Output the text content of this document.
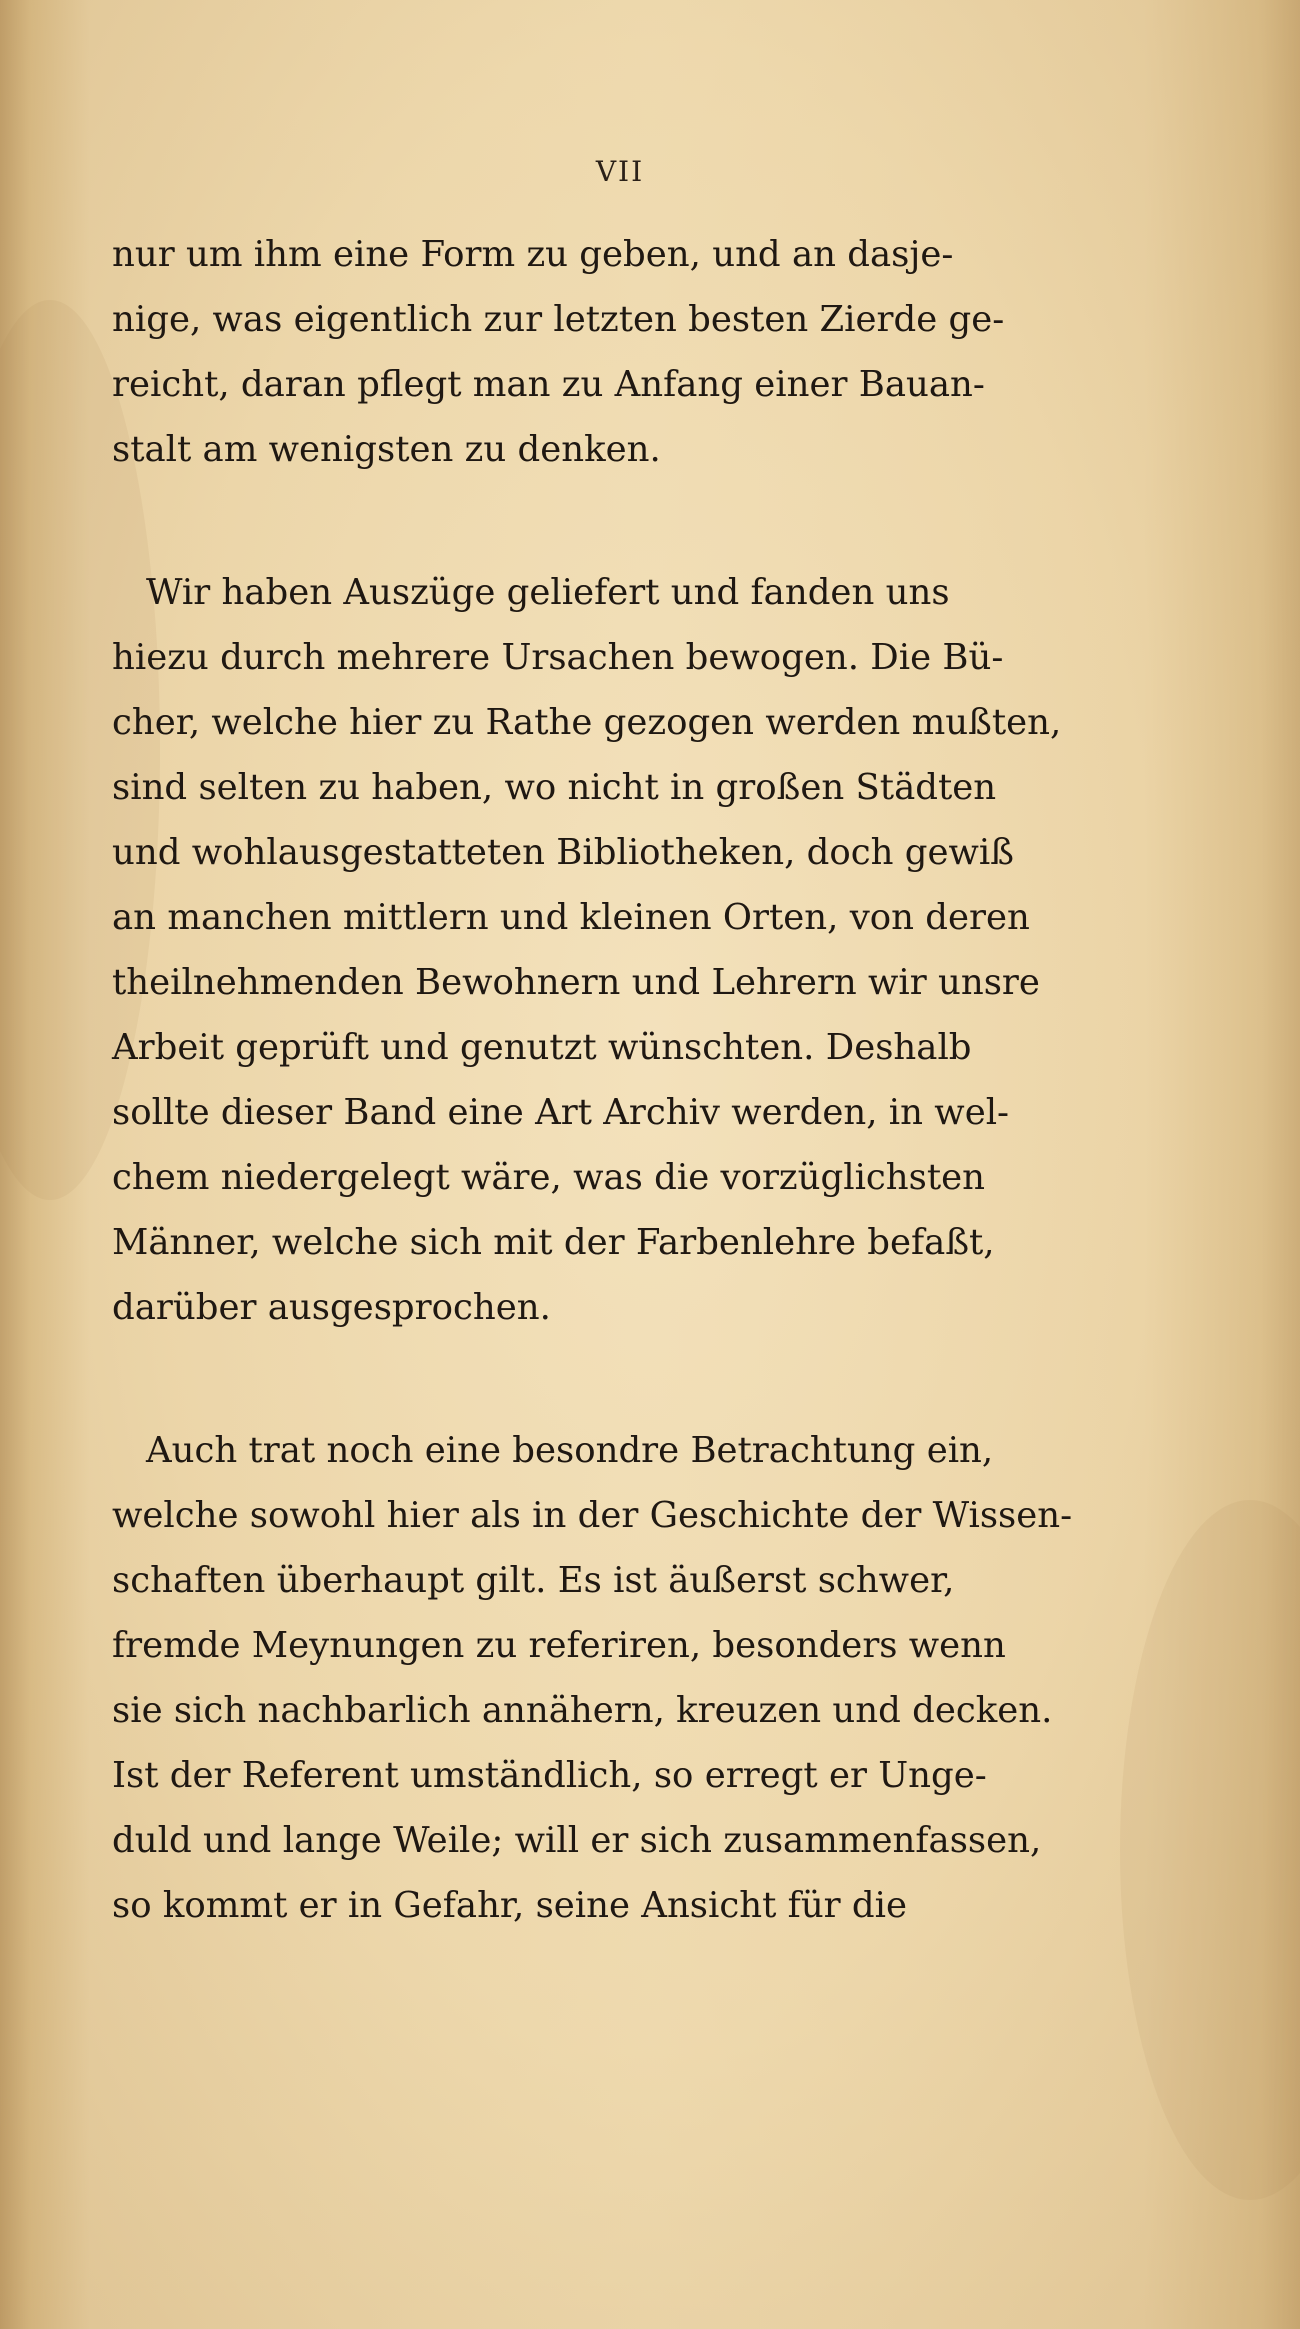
VII
nur um ihm eine Form zu geben, und an dasje-
nige, was eigentlich zur letzten besten Zierde ge-
reicht, daran pflegt man zu Anfang einer Bauan-
stalt am wenigsten zu denken.
Wir haben Auszüge geliefert und fanden uns
hiezu durch mehrere Ursachen bewogen. Die Bü-
cher, welche hier zu Rathe gezogen werden mußten,
sind selten zu haben, wo nicht in großen Städten
und wohlausgestatteten Bibliotheken, doch gewiß
an manchen mittlern und kleinen Orten, von deren
theilnehmenden Bewohnern und Lehrern wir unsre
Arbeit geprüft und genutzt wünschten. Deshalb
sollte dieser Band eine Art Archiv werden, in wel-
chem niedergelegt wäre, was die vorzüglichsten
Männer, welche sich mit der Farbenlehre befaßt,
darüber ausgesprochen.
Auch trat noch eine besondre Betrachtung ein,
welche sowohl hier als in der Geschichte der Wissen-
schaften überhaupt gilt. Es ist äußerst schwer,
fremde Meynungen zu referiren, besonders wenn
sie sich nachbarlich annähern, kreuzen und decken.
Ist der Referent umständlich, so erregt er Unge-
duld und lange Weile; will er sich zusammenfassen,
so kommt er in Gefahr, seine Ansicht für die
